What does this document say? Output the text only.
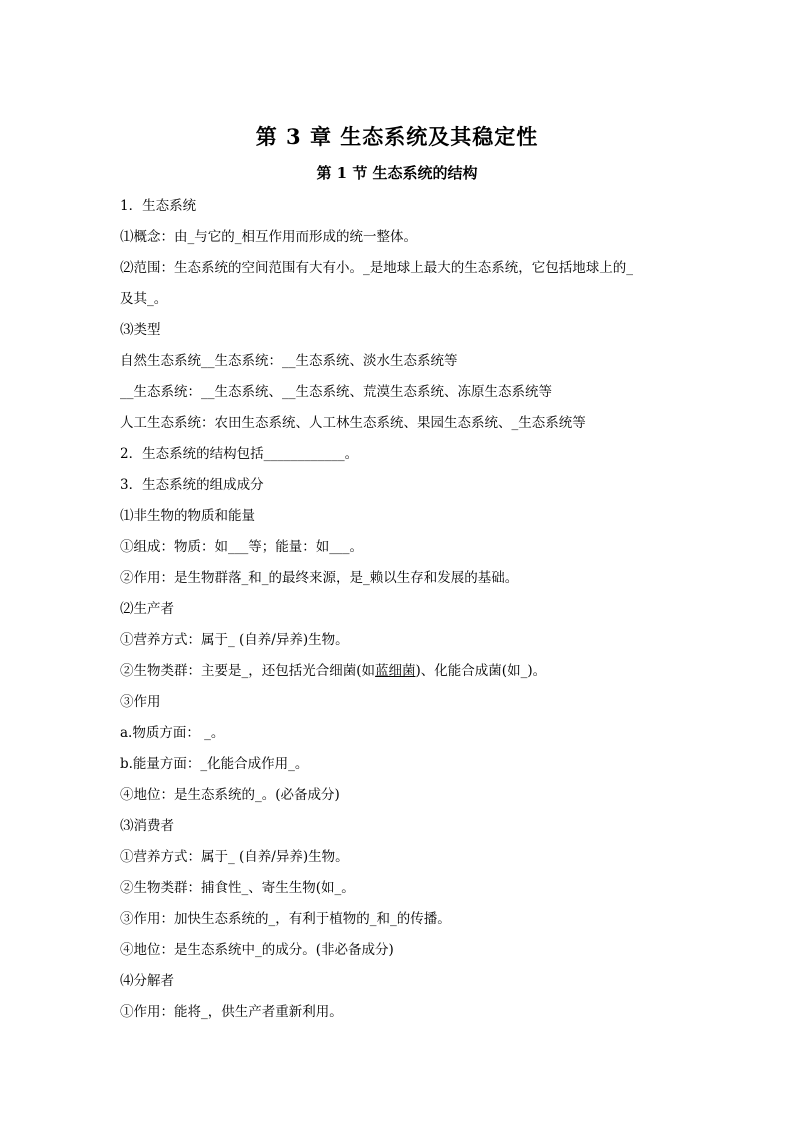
第 3 章 生态系统及其稳定性
第 1 节 生态系统的结构
1．生态系统
⑴概念：由_与它的_相互作用而形成的统一整体。
⑵范围：生态系统的空间范围有大有小。_是地球上最大的生态系统，它包括地球上的_
及其_。
⑶类型
自然生态系统__生态系统：__生态系统、淡水生态系统等
__生态系统：__生态系统、__生态系统、荒漠生态系统、冻原生态系统等
人工生态系统：农田生态系统、人工林生态系统、果园生态系统、_生态系统等
2．生态系统的结构包括____________。
3．生态系统的组成成分
⑴非生物的物质和能量
①组成：物质：如___等；能量：如___。
②作用：是生物群落_和_的最终来源，是_赖以生存和发展的基础。
⑵生产者
①营养方式：属于_ (自养/异养)生物。
②生物类群：主要是_，还包括光合细菌(如蓝细菌)、化能合成菌(如_)。
③作用
a.物质方面： _。
b.能量方面：_化能合成作用_。
④地位：是生态系统的_。(必备成分)
⑶消费者
①营养方式：属于_ (自养/异养)生物。
②生物类群：捕食性_、寄生生物(如_。
③作用：加快生态系统的_，有利于植物的_和_的传播。
④地位：是生态系统中_的成分。(非必备成分)
⑷分解者
①作用：能将_，供生产者重新利用。
